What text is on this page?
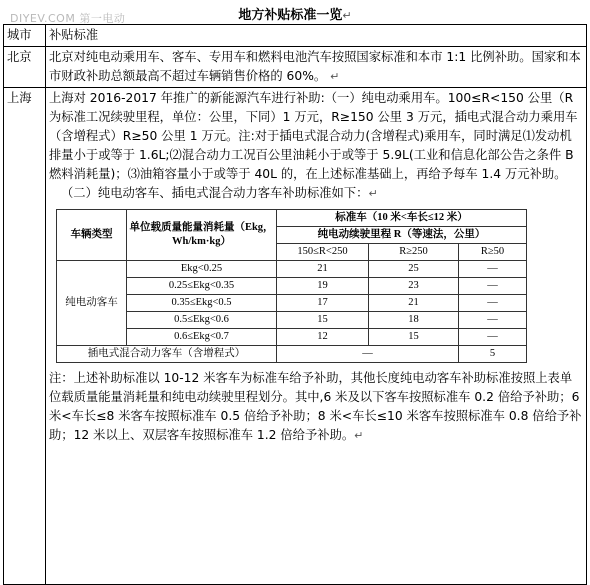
DIYEV.COM 第一电动	地方补贴标准一览↵
城市	补贴标准
北京	北京对纯电动乘用车、客车、专用车和燃料电池汽车按照国家标准和本市 1:1 比例补助。国家和本市财政补助总额最高不超过车辆销售价格的 60%。 ↵
上海	上海对 2016-2017 年推广的新能源汽车进行补助:（一）纯电动乘用车。100≤R<150 公里（R 为标准工况续驶里程，单位：公里，下同）1 万元，R≥150 公里 3 万元，插电式混合动力乘用车（含增程式）R≥50 公里 1 万元。注:对于插电式混合动力(含增程式)乘用车，同时满足⑴发动机排量小于或等于 1.6L;⑵混合动力工况百公里油耗小于或等于 5.9L(工业和信息化部公告之条件 B 燃料消耗量)；⑶油箱容量小于或等于 40L 的，在上述标准基础上，再给予每车 1.4 万元补助。

（二）纯电动客车、插电式混合动力客车补助标准如下：↵

车辆类型	单位载质量能量消耗量（Ekg，Wh/km·kg）	标准车（10 米<车长≤12 米）
纯电动续驶里程 R（等速法，公里）
150≤R<250	R≥250	R≥50
纯电动客车	Ekg<0.25	21	25	—
0.25≤Ekg<0.35	19	23	—
0.35≤Ekg<0.5	17	21	—
0.5≤Ekg<0.6	15	18	—
0.6≤Ekg<0.7	12	15	—
插电式混合动力客车（含增程式）	—	5

注：上述补助标准以 10-12 米客车为标准车给予补助，其他长度纯电动客车补助标准按照上表单位载质量能量消耗量和纯电动续驶里程划分。其中,6 米及以下客车按照标准车 0.2 倍给予补助；6 米<车长≤8 米客车按照标准车 0.5 倍给予补助；8 米<车长≤10 米客车按照标准车 0.8 倍给予补助；12 米以上、双层客车按照标准车 1.2 倍给予补助。↵
